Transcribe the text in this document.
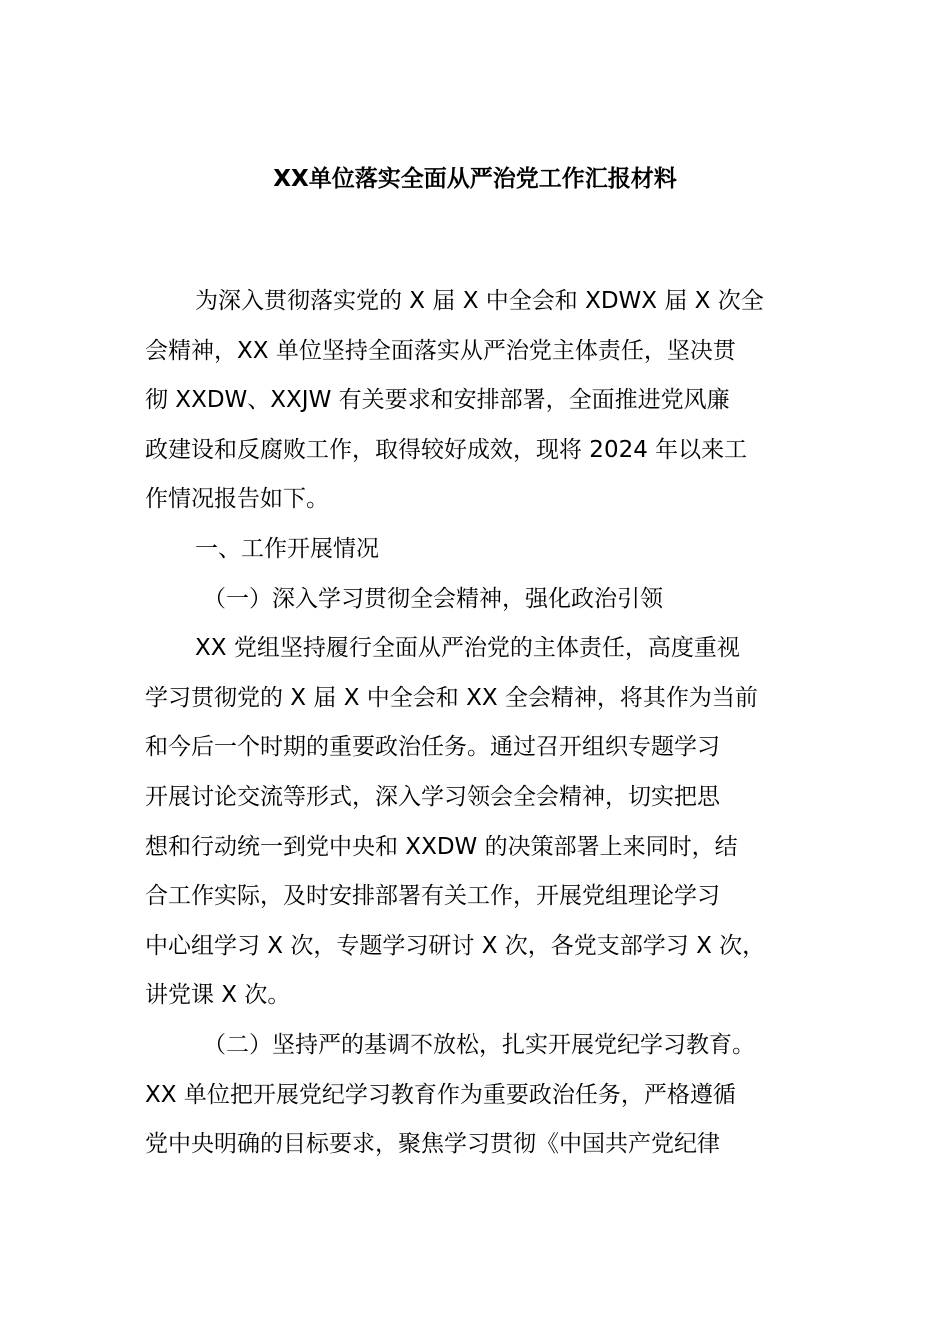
XX单位落实全面从严治党工作汇报材料
为深入贯彻落实党的 X 届 X 中全会和 XDWX 届 X 次全
会精神，XX 单位坚持全面落实从严治党主体责任，坚决贯
彻 XXDW、XXJW 有关要求和安排部署，全面推进党风廉
政建设和反腐败工作，取得较好成效，现将 2024 年以来工
作情况报告如下。
一、工作开展情况
（一）深入学习贯彻全会精神，强化政治引领
XX 党组坚持履行全面从严治党的主体责任，高度重视
学习贯彻党的 X 届 X 中全会和 XX 全会精神，将其作为当前
和今后一个时期的重要政治任务。通过召开组织专题学习
开展讨论交流等形式，深入学习领会全会精神，切实把思
想和行动统一到党中央和 XXDW 的决策部署上来同时，结
合工作实际，及时安排部署有关工作，开展党组理论学习
中心组学习 X 次，专题学习研讨 X 次，各党支部学习 X 次，
讲党课 X 次。
（二）坚持严的基调不放松，扎实开展党纪学习教育。
XX 单位把开展党纪学习教育作为重要政治任务，严格遵循
党中央明确的目标要求，聚焦学习贯彻《中国共产党纪律
